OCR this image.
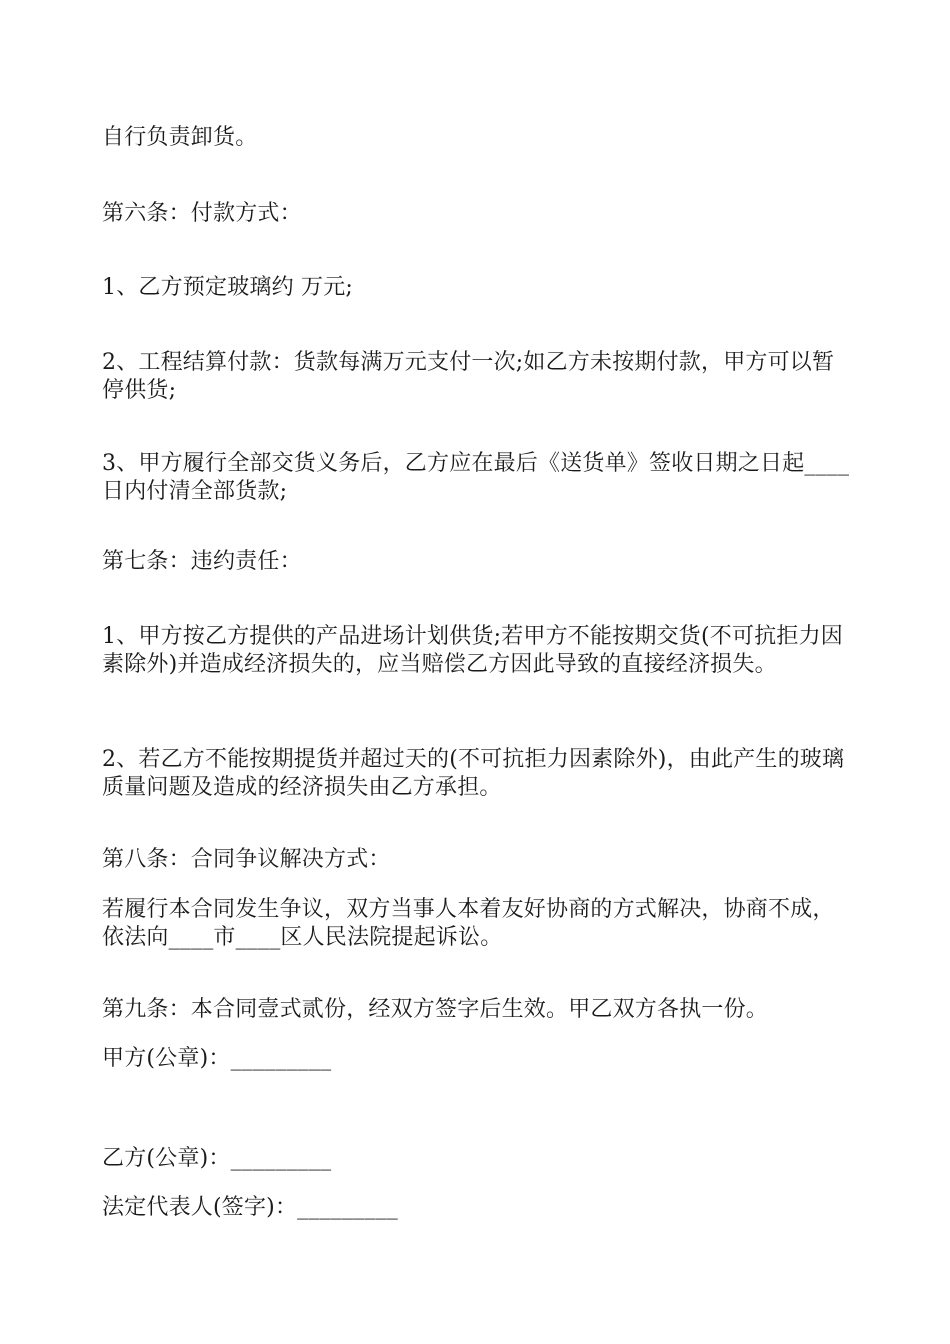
自行负责卸货。

第六条：付款方式：

1、乙方预定玻璃约 万元;

2、工程结算付款：货款每满万元支付一次;如乙方未按期付款，甲方可以暂停供货;

3、甲方履行全部交货义务后，乙方应在最后《送货单》签收日期之日起____日内付清全部货款;

第七条：违约责任：

1、甲方按乙方提供的产品进场计划供货;若甲方不能按期交货(不可抗拒力因素除外)并造成经济损失的，应当赔偿乙方因此导致的直接经济损失。

2、若乙方不能按期提货并超过天的(不可抗拒力因素除外)，由此产生的玻璃质量问题及造成的经济损失由乙方承担。

第八条：合同争议解决方式：

若履行本合同发生争议，双方当事人本着友好协商的方式解决，协商不成，依法向____市____区人民法院提起诉讼。

第九条：本合同壹式贰份，经双方签字后生效。甲乙双方各执一份。

甲方(公章)：_________

乙方(公章)：_________

法定代表人(签字)：_________
